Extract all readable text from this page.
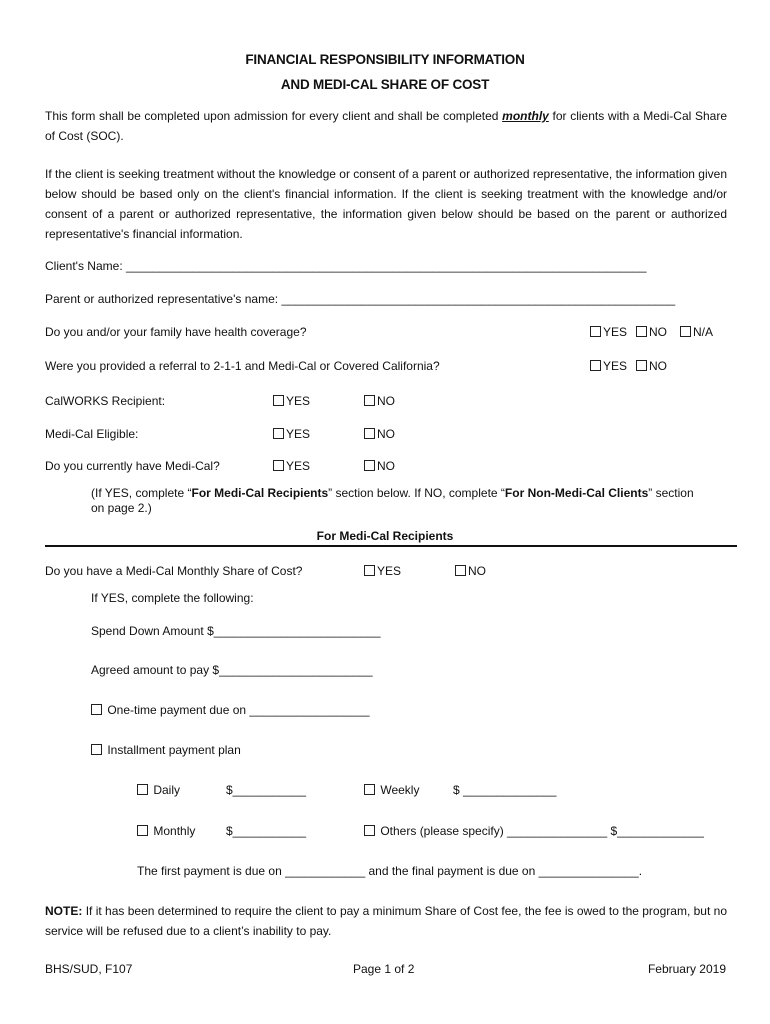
FINANCIAL RESPONSIBILITY INFORMATION
AND MEDI-CAL SHARE OF COST
This form shall be completed upon admission for every client and shall be completed monthly for clients with a Medi-Cal Share of Cost (SOC).
If the client is seeking treatment without the knowledge or consent of a parent or authorized representative, the information given below should be based only on the client's financial information. If the client is seeking treatment with the knowledge and/or consent of a parent or authorized representative, the information given below should be based on the parent or authorized representative's financial information.
Client's Name: ______________________________________________________________________________
Parent or authorized representative's name: ___________________________________________________________
Do you and/or your family have health coverage?	YES	NO	N/A
Were you provided a referral to 2-1-1 and Medi-Cal or Covered California?	YES	NO
CalWORKS Recipient:	YES	NO
Medi-Cal Eligible:	YES	NO
Do you currently have Medi-Cal?	YES	NO
(If YES, complete “For Medi-Cal Recipients” section below. If NO, complete “For Non-Medi-Cal Clients” section
on page 2.)
For Medi-Cal Recipients
Do you have a Medi-Cal Monthly Share of Cost?	YES	NO
If YES, complete the following:
Spend Down Amount $_________________________
Agreed amount to pay $_______________________
One-time payment due on __________________
Installment payment plan
Daily	$___________	Weekly	$ ______________
Monthly	$___________	Others (please specify) _______________ $_____________
The first payment is due on ____________ and the final payment is due on _______________.
NOTE: If it has been determined to require the client to pay a minimum Share of Cost fee, the fee is owed to the program, but no service will be refused due to a client’s inability to pay.
BHS/SUD, F107	Page 1 of 2	February 2019
